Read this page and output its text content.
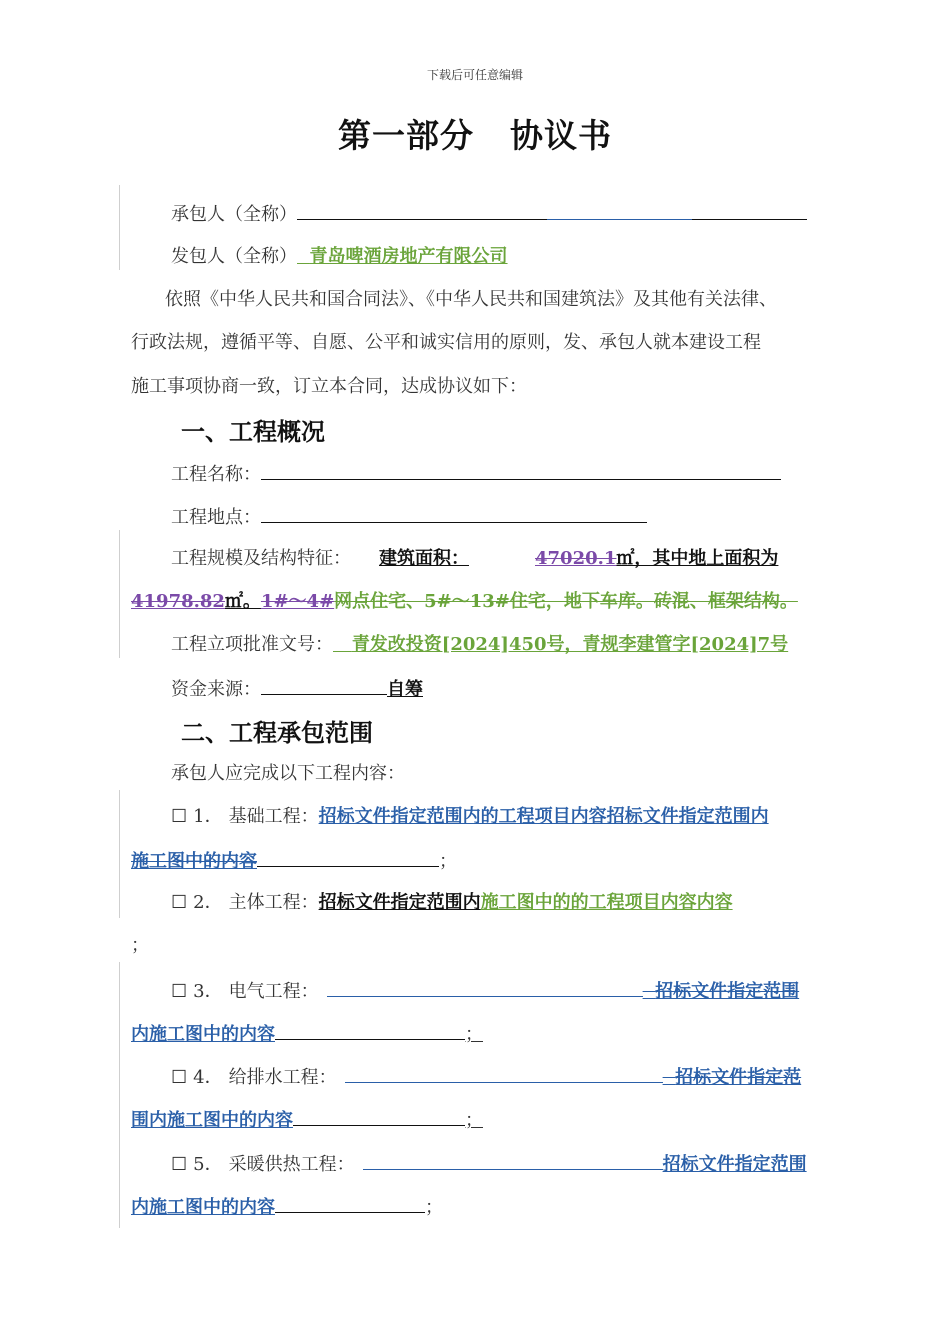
下载后可任意编辑
第一部分 协议书
承包人（全称）
发包人（全称） 青岛啤酒房地产有限公司
依照《中华人民共和国合同法》、《中华人民共和国建筑法》及其他有关法律、
行政法规，遵循平等、自愿、公平和诚实信用的原则，发、承包人就本建设工程
施工事项协商一致，订立本合同，达成协议如下：
一、工程概况
工程名称：
工程地点：
工程规模及结构特征： 建筑面积：	47020.1㎡，其中地上面积为
41978.82㎡。1#～4#网点住宅、5#～13#住宅，地下车库。砖混、框架结构。
工程立项批准文号： 青发改投资[2024]450号，青规李建管字[2024]7号
资金来源：	自筹
二、工程承包范围
承包人应完成以下工程内容：
☐ 1． 基础工程：招标文件指定范围内的工程项目内容招标文件指定范围内
施工图中的内容	；
☐ 2． 主体工程：招标文件指定范围内施工图中的的工程项目内容内容
；
☐ 3． 电气工程：	招标文件指定范围
内施工图中的内容	；
☐ 4． 给排水工程：	招标文件指定范
围内施工图中的内容	；
☐ 5． 采暖供热工程：	招标文件指定范围
内施工图中的内容	；
